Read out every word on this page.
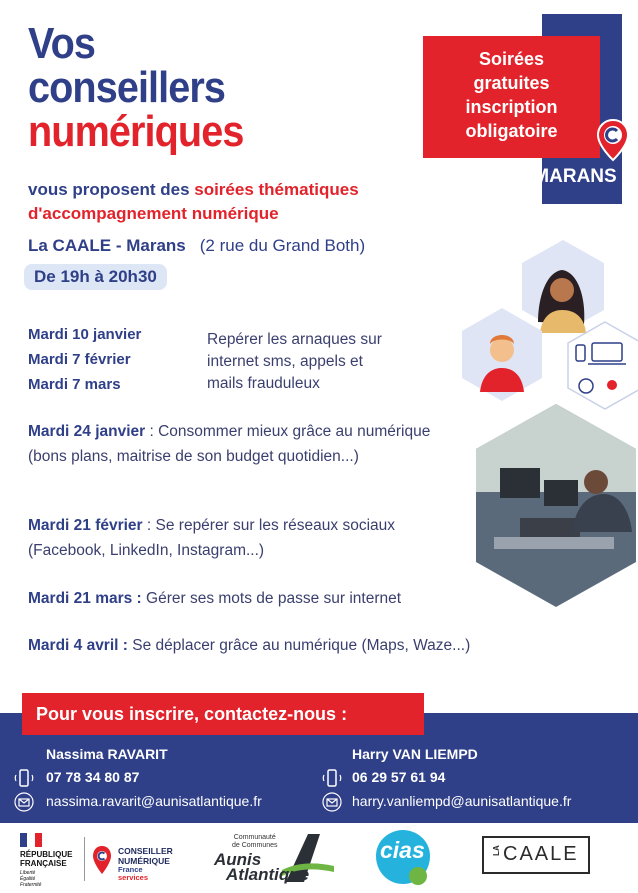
Vos
conseillers
numériques
Soirées
gratuites
inscription
obligatoire
MARANS
vous proposent des soirées thématiques
d'accompagnement numérique
La CAALE - Marans (2 rue du Grand Both)
De 19h à 20h30
Mardi 10 janvier
Mardi 7 février
Mardi 7 mars
Repérer les arnaques sur
internet sms, appels et
mails frauduleux
Mardi 24 janvier : Consommer mieux grâce au numérique (bons plans, maitrise de son budget quotidien...)
Mardi 21 février : Se repérer sur les réseaux sociaux (Facebook, LinkedIn, Instagram...)
Mardi 21 mars : Gérer ses mots de passe sur internet
Mardi 4 avril : Se déplacer grâce au numérique (Maps, Waze...)
Pour vous inscrire, contactez-nous :
Nassima RAVARIT
07 78 34 80 87
nassima.ravarit@aunisatlantique.fr
Harry VAN LIEMPD
06 29 57 61 94
harry.vanliempd@aunisatlantique.fr
RÉPUBLIQUE
FRANÇAISE
Liberté
Égalité
Fraternité
CONSEILLER
NUMÉRIQUE
France
services
Communauté
de Communes
Aunis
Atlantique
cias	LA CAALE
